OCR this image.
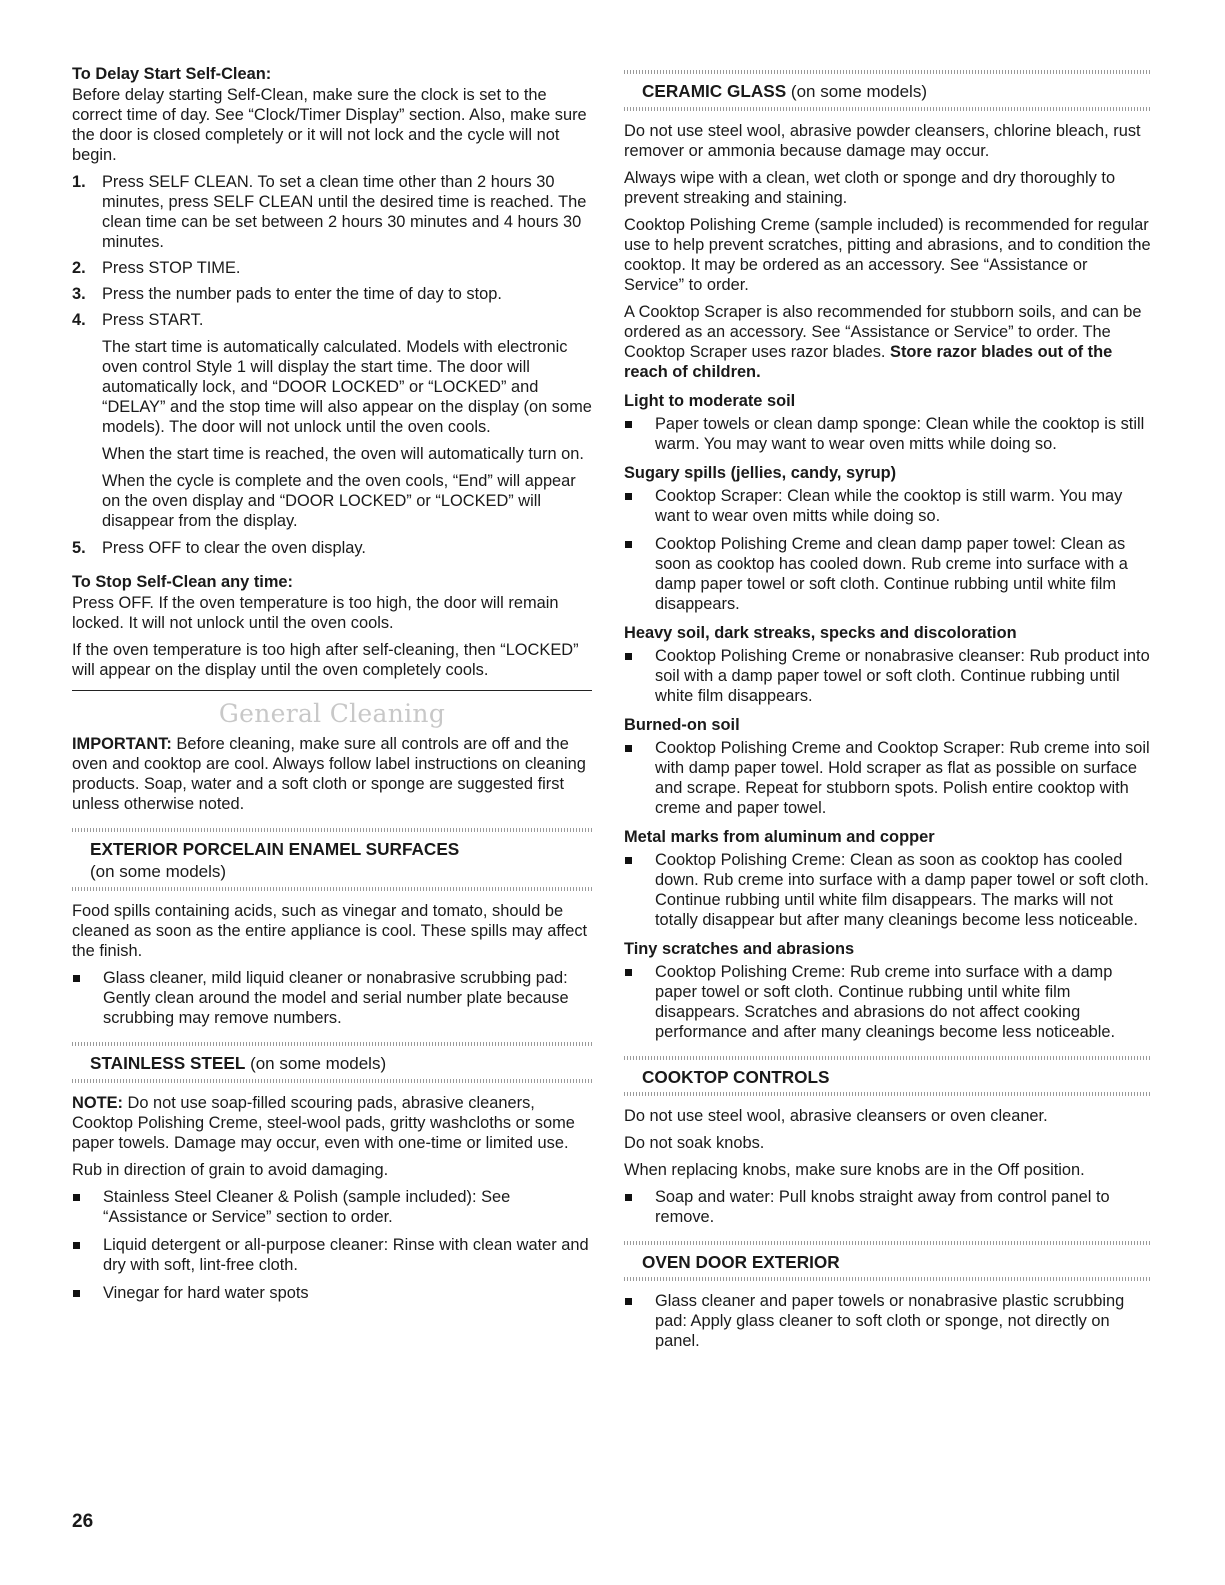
To Delay Start Self-Clean:

Before delay starting Self-Clean, make sure the clock is set to the correct time of day. See “Clock/Timer Display” section. Also, make sure the door is closed completely or it will not lock and the cycle will not begin.

1. Press SELF CLEAN. To set a clean time other than 2 hours 30 minutes, press SELF CLEAN until the desired time is reached. The clean time can be set between 2 hours 30 minutes and 4 hours 30 minutes.
2. Press STOP TIME.
3. Press the number pads to enter the time of day to stop.
4. Press START.

The start time is automatically calculated. Models with electronic oven control Style 1 will display the start time. The door will automatically lock, and “DOOR LOCKED” or “LOCKED” and “DELAY” and the stop time will also appear on the display (on some models). The door will not unlock until the oven cools.

When the start time is reached, the oven will automatically turn on.

When the cycle is complete and the oven cools, “End” will appear on the oven display and “DOOR LOCKED” or “LOCKED” will disappear from the display.

5. Press OFF to clear the oven display.
To Stop Self-Clean any time:

Press OFF. If the oven temperature is too high, the door will remain locked. It will not unlock until the oven cools.

If the oven temperature is too high after self-cleaning, then “LOCKED” will appear on the display until the oven completely cools.

General Cleaning

IMPORTANT: Before cleaning, make sure all controls are off and the oven and cooktop are cool. Always follow label instructions on cleaning products. Soap, water and a soft cloth or sponge are suggested first unless otherwise noted.

EXTERIOR PORCELAIN ENAMEL SURFACES
(on some models)

Food spills containing acids, such as vinegar and tomato, should be cleaned as soon as the entire appliance is cool. These spills may affect the finish.

Glass cleaner, mild liquid cleaner or nonabrasive scrubbing pad: Gently clean around the model and serial number plate because scrubbing may remove numbers.
STAINLESS STEEL (on some models)

NOTE: Do not use soap-filled scouring pads, abrasive cleaners, Cooktop Polishing Creme, steel-wool pads, gritty washcloths or some paper towels. Damage may occur, even with one-time or limited use.

Rub in direction of grain to avoid damaging.

Stainless Steel Cleaner & Polish (sample included): See “Assistance or Service” section to order.
Liquid detergent or all-purpose cleaner: Rinse with clean water and dry with soft, lint-free cloth.
Vinegar for hard water spots
CERAMIC GLASS (on some models)

Do not use steel wool, abrasive powder cleansers, chlorine bleach, rust remover or ammonia because damage may occur.

Always wipe with a clean, wet cloth or sponge and dry thoroughly to prevent streaking and staining.

Cooktop Polishing Creme (sample included) is recommended for regular use to help prevent scratches, pitting and abrasions, and to condition the cooktop. It may be ordered as an accessory. See “Assistance or Service” to order.

A Cooktop Scraper is also recommended for stubborn soils, and can be ordered as an accessory. See “Assistance or Service” to order. The Cooktop Scraper uses razor blades. Store razor blades out of the reach of children.

Light to moderate soil
Paper towels or clean damp sponge: Clean while the cooktop is still warm. You may want to wear oven mitts while doing so.
Sugary spills (jellies, candy, syrup)
Cooktop Scraper: Clean while the cooktop is still warm. You may want to wear oven mitts while doing so.
Cooktop Polishing Creme and clean damp paper towel: Clean as soon as cooktop has cooled down. Rub creme into surface with a damp paper towel or soft cloth. Continue rubbing until white film disappears.
Heavy soil, dark streaks, specks and discoloration
Cooktop Polishing Creme or nonabrasive cleanser: Rub product into soil with a damp paper towel or soft cloth. Continue rubbing until white film disappears.
Burned-on soil
Cooktop Polishing Creme and Cooktop Scraper: Rub creme into soil with damp paper towel. Hold scraper as flat as possible on surface and scrape. Repeat for stubborn spots. Polish entire cooktop with creme and paper towel.
Metal marks from aluminum and copper
Cooktop Polishing Creme: Clean as soon as cooktop has cooled down. Rub creme into surface with a damp paper towel or soft cloth. Continue rubbing until white film disappears. The marks will not totally disappear but after many cleanings become less noticeable.
Tiny scratches and abrasions
Cooktop Polishing Creme: Rub creme into surface with a damp paper towel or soft cloth. Continue rubbing until white film disappears. Scratches and abrasions do not affect cooking performance and after many cleanings become less noticeable.
COOKTOP CONTROLS

Do not use steel wool, abrasive cleansers or oven cleaner.

Do not soak knobs.

When replacing knobs, make sure knobs are in the Off position.

Soap and water: Pull knobs straight away from control panel to remove.
OVEN DOOR EXTERIOR
Glass cleaner and paper towels or nonabrasive plastic scrubbing pad: Apply glass cleaner to soft cloth or sponge, not directly on panel.
26
